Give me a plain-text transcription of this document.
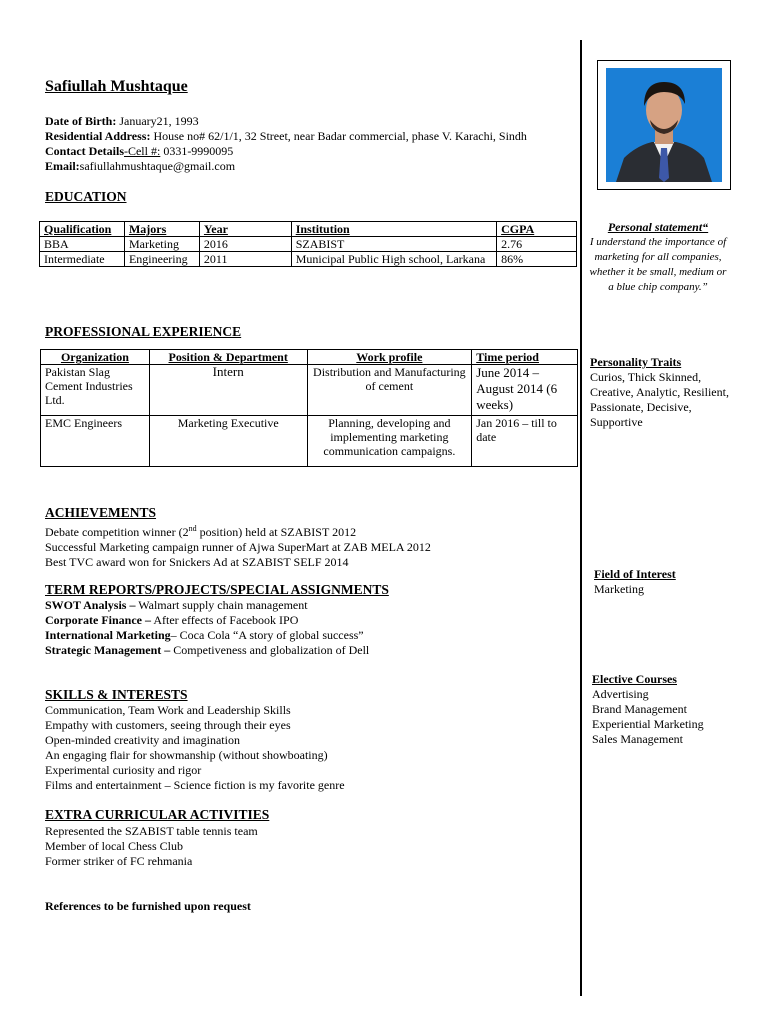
Safiullah Mushtaque
Date of Birth: January21, 1993
Residential Address: House no# 62/1/1, 32 Street, near Badar commercial, phase V. Karachi, Sindh
Contact Details-Cell #: 0331-9990095
Email:safiullahmushtaque@gmail.com
EDUCATION
Qualification	Majors	Year	Institution	CGPA
BBA	Marketing	2016	SZABIST	2.76
Intermediate	Engineering	2011	Municipal Public High school, Larkana	86%
PROFESSIONAL EXPERIENCE
Organization	Position & Department	Work profile	Time period
Pakistan Slag Cement Industries Ltd.	Intern	Distribution and Manufacturing of cement	June 2014 – August 2014 (6 weeks)
EMC Engineers	Marketing Executive	Planning, developing and implementing marketing communication campaigns.	Jan 2016 – till to date
ACHIEVEMENTS
Debate competition winner (2nd position) held at SZABIST 2012
Successful Marketing campaign runner of Ajwa SuperMart at ZAB MELA 2012
Best TVC award won for Snickers Ad at SZABIST SELF 2014
TERM REPORTS/PROJECTS/SPECIAL ASSIGNMENTS
SWOT Analysis – Walmart supply chain management
Corporate Finance – After effects of Facebook IPO
International Marketing– Coca Cola “A story of global success”
Strategic Management – Competiveness and globalization of Dell
SKILLS & INTERESTS
Communication, Team Work and Leadership Skills
Empathy with customers, seeing through their eyes
Open-minded creativity and imagination
An engaging flair for showmanship (without showboating)
Experimental curiosity and rigor
Films and entertainment – Science fiction is my favorite genre
EXTRA CURRICULAR ACTIVITIES
Represented the SZABIST table tennis team
Member of local Chess Club
Former striker of FC rehmania
References to be furnished upon request
Personal statement“
I understand the importance of marketing for all companies, whether it be small, medium or a blue chip company.”
Personality Traits
Curios, Thick Skinned, Creative, Analytic, Resilient, Passionate, Decisive, Supportive
Field of Interest
Marketing
Elective Courses
Advertising
Brand Management
Experiential Marketing
Sales Management
